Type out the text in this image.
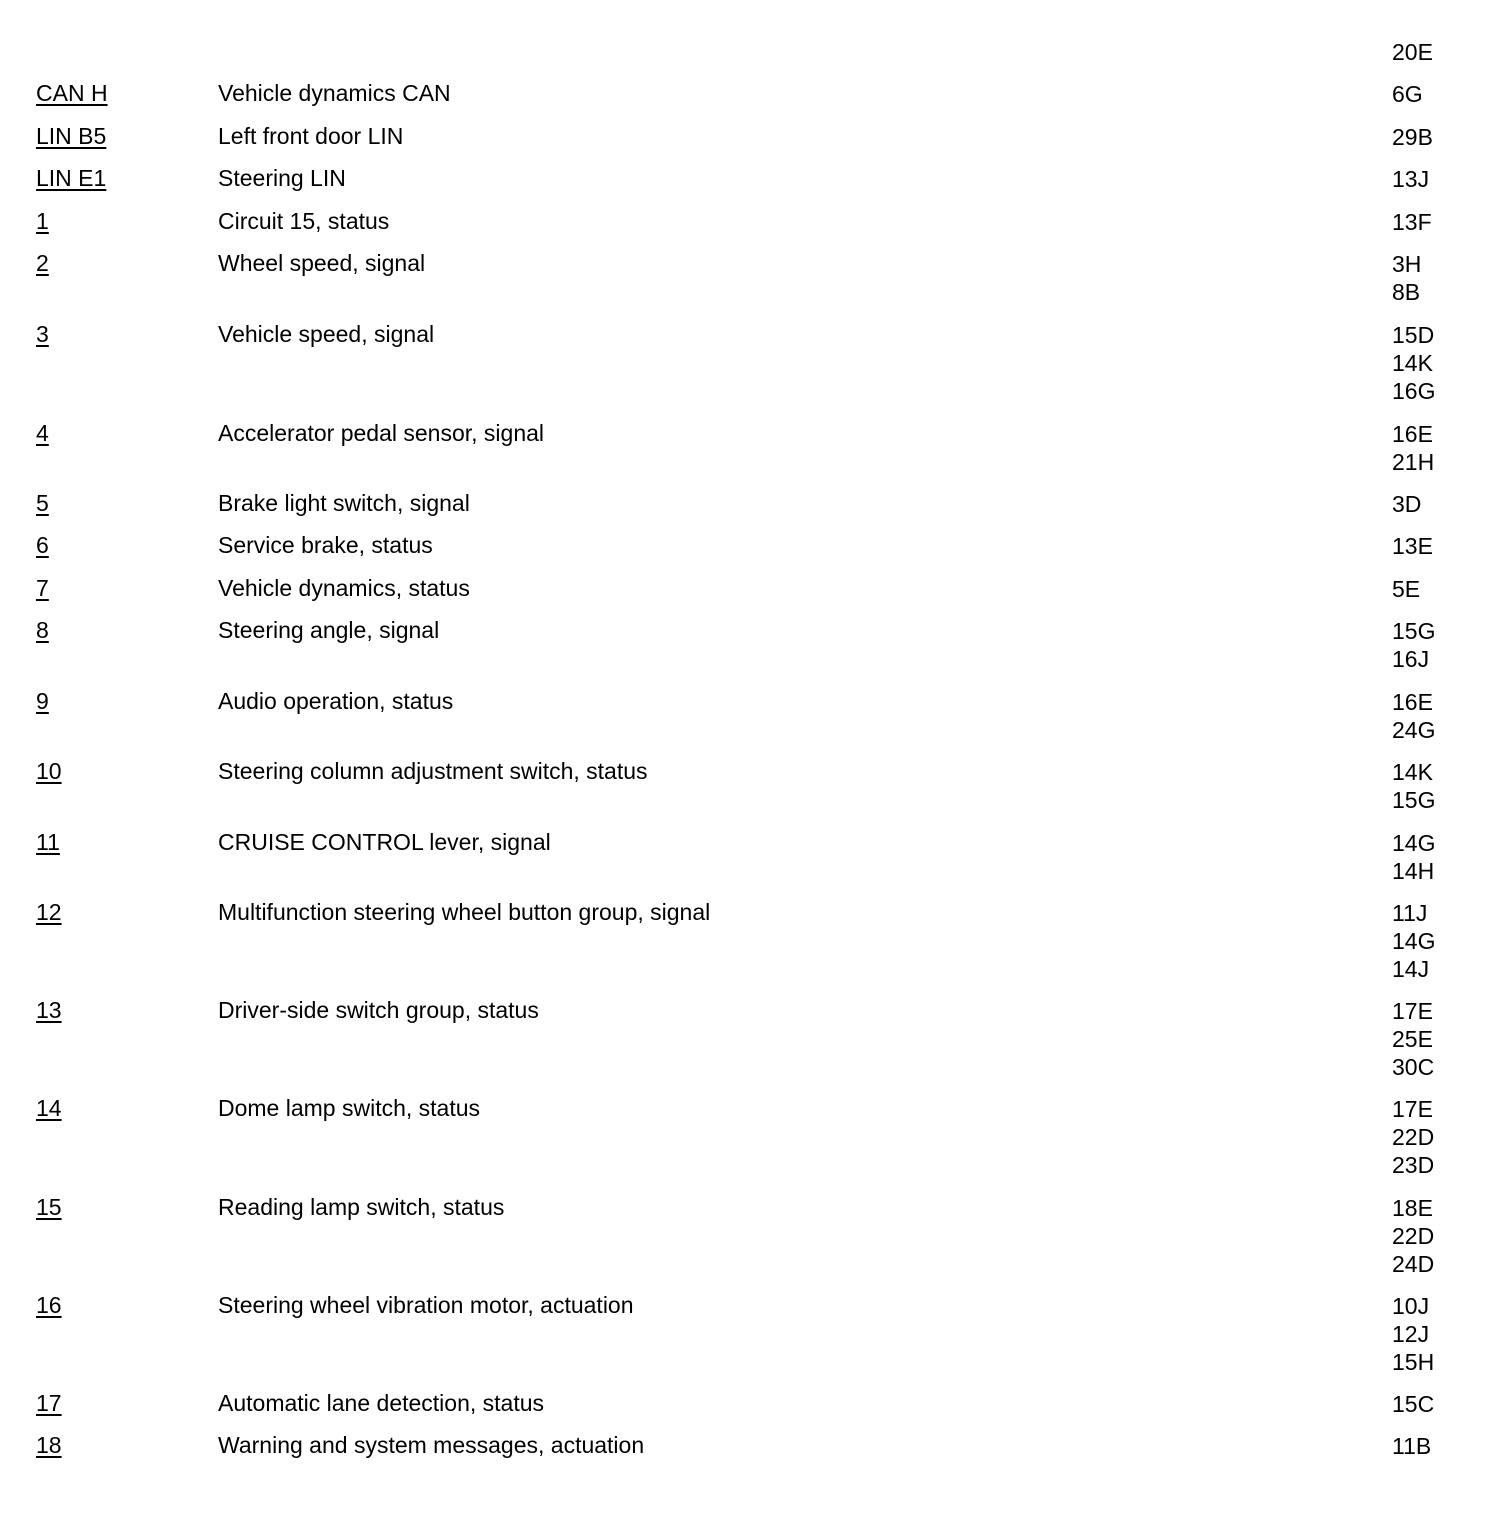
20E
CAN H	Vehicle dynamics CAN	6G
LIN B5	Left front door LIN	29B
LIN E1	Steering LIN	13J
1	Circuit 15, status	13F
2	Wheel speed, signal	3H
8B
3	Vehicle speed, signal	15D
14K
16G
4	Accelerator pedal sensor, signal	16E
21H
5	Brake light switch, signal	3D
6	Service brake, status	13E
7	Vehicle dynamics, status	5E
8	Steering angle, signal	15G
16J
9	Audio operation, status	16E
24G
10	Steering column adjustment switch, status	14K
15G
11	CRUISE CONTROL lever, signal	14G
14H
12	Multifunction steering wheel button group, signal	11J
14G
14J
13	Driver-side switch group, status	17E
25E
30C
14	Dome lamp switch, status	17E
22D
23D
15	Reading lamp switch, status	18E
22D
24D
16	Steering wheel vibration motor, actuation	10J
12J
15H
17	Automatic lane detection, status	15C
18	Warning and system messages, actuation	11B
